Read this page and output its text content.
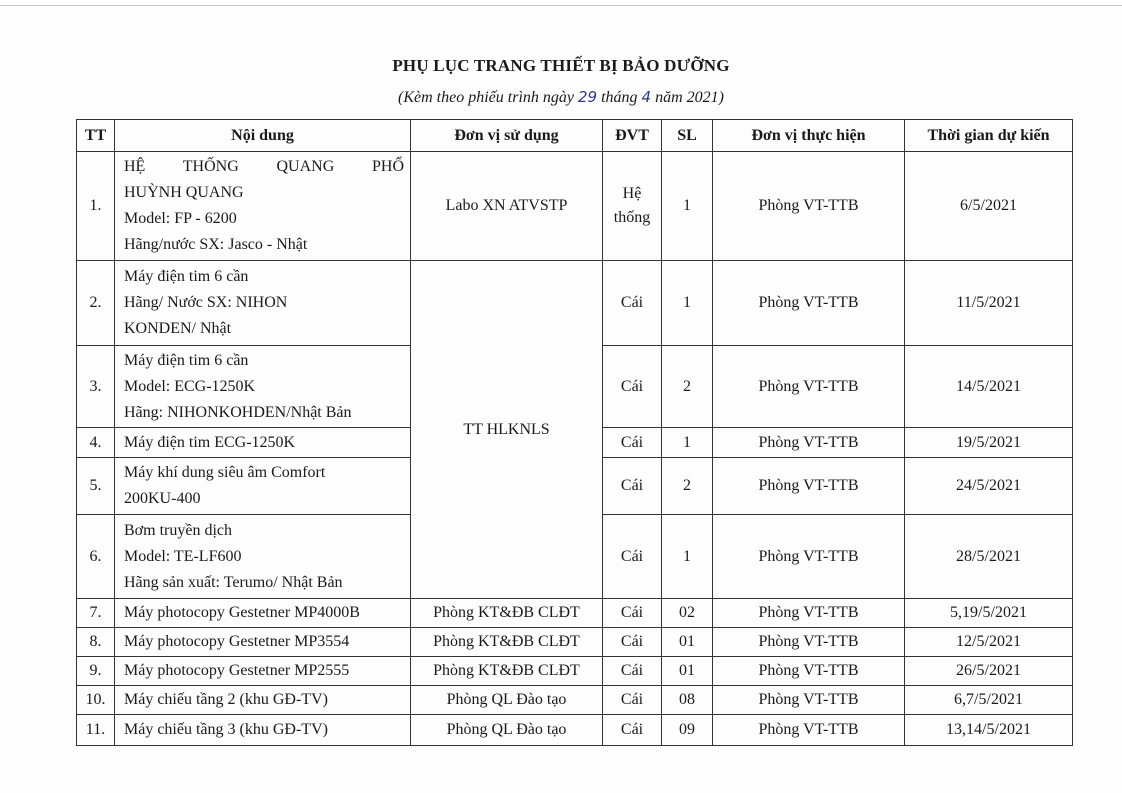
PHỤ LỤC TRANG THIẾT BỊ BẢO DƯỠNG
(Kèm theo phiếu trình ngày 29 tháng 4 năm 2021)
TT	Nội dung	Đơn vị sử dụng	ĐVT	SL	Đơn vị thực hiện	Thời gian dự kiến
1.	HỆ THỐNG QUANG PHỔ
HUỲNH QUANG
Model: FP - 6200
Hãng/nước SX: Jasco - Nhật	Labo XN ATVSTP	Hệ thống	1	Phòng VT-TTB	6/5/2021
2.	Máy điện tim 6 cần
Hãng/ Nước SX: NIHON
KONDEN/ Nhật	TT HLKNLS	Cái	1	Phòng VT-TTB	11/5/2021
3.	Máy điện tim 6 cần
Model: ECG-1250K
Hãng: NIHONKOHDEN/Nhật Bản		Cái	2	Phòng VT-TTB	14/5/2021
4.	Máy điện tim ECG-1250K		Cái	1	Phòng VT-TTB	19/5/2021
5.	Máy khí dung siêu âm Comfort
200KU-400		Cái	2	Phòng VT-TTB	24/5/2021
6.	Bơm truyền dịch
Model: TE-LF600
Hãng sản xuất: Terumo/ Nhật Bản		Cái	1	Phòng VT-TTB	28/5/2021
7.	Máy photocopy Gestetner MP4000B	Phòng KT&ĐB CLĐT	Cái	02	Phòng VT-TTB	5,19/5/2021
8.	Máy photocopy Gestetner MP3554	Phòng KT&ĐB CLĐT	Cái	01	Phòng VT-TTB	12/5/2021
9.	Máy photocopy Gestetner MP2555	Phòng KT&ĐB CLĐT	Cái	01	Phòng VT-TTB	26/5/2021
10.	Máy chiếu tầng 2 (khu GĐ-TV)	Phòng QL Đào tạo	Cái	08	Phòng VT-TTB	6,7/5/2021
11.	Máy chiếu tầng 3 (khu GĐ-TV)	Phòng QL Đào tạo	Cái	09	Phòng VT-TTB	13,14/5/2021
